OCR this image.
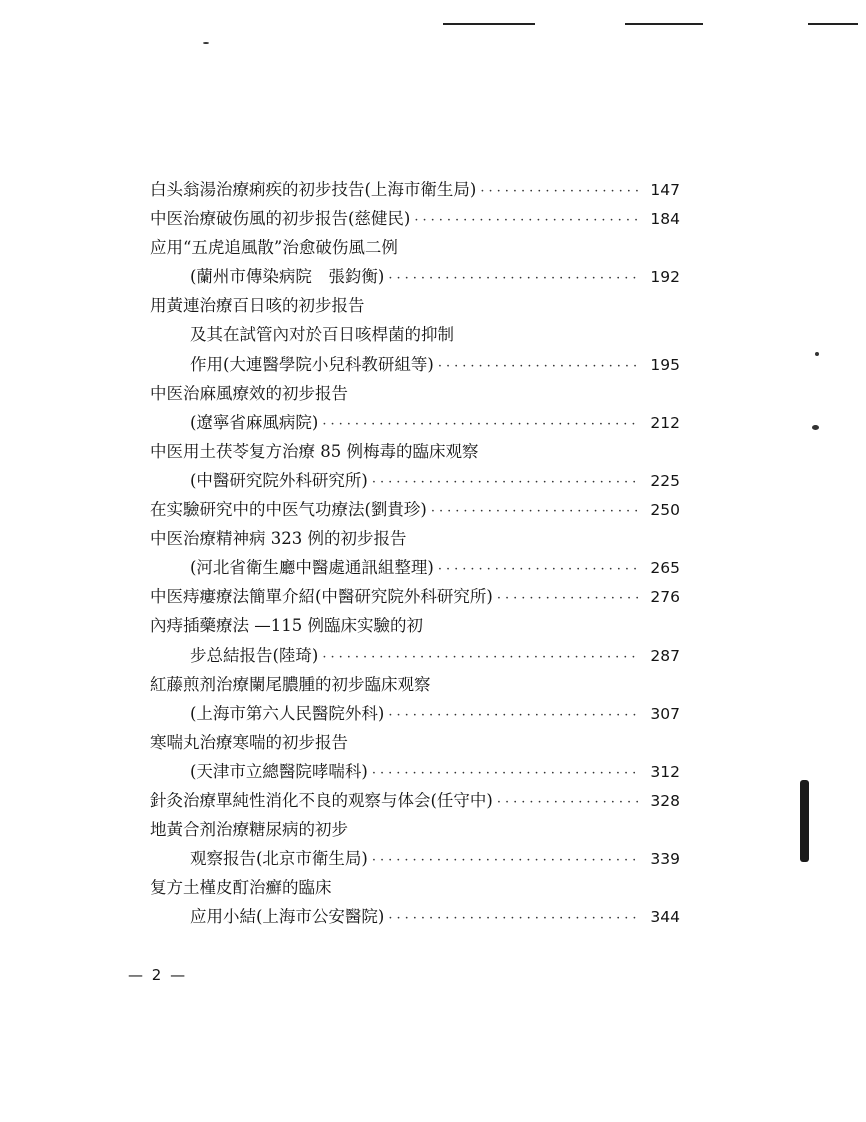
白头翁湯治療痢疾的初步技告(上海市衛生局) ·····	147
中医治療破伤風的初步报告(慈健民) ·····	184
应用“五虎追風散”治愈破伤風二例
(蘭州市傳染病院　張鈞衡) ·····	192
用黃連治療百日咳的初步报告
及其在試管內对於百日咳桿菌的抑制
作用(大連醫學院小兒科教研組等) ·····	195
中医治麻風療效的初步报告
(遼寧省麻風病院) ·····	212
中医用土茯苓复方治療 85 例梅毒的臨床观察
(中醫研究院外科研究所) ·····	225
在实驗研究中的中医气功療法(劉貴珍) ·····	250
中医治療精神病 323 例的初步报告
(河北省衛生廳中醫處通訊組整理) ·····	265
中医痔瘻療法簡單介紹(中醫研究院外科研究所) ·····	276
內痔插藥療法 —115 例臨床实驗的初
步总結报告(陸琦) ·····	287
紅藤煎剂治療闌尾膿腫的初步臨床观察
(上海市第六人民醫院外科) ·····	307
寒喘丸治療寒喘的初步报告
(天津市立總醫院哮喘科) ·····	312
針灸治療單純性消化不良的观察与体会(任守中) ·····	328
地黃合剂治療糖尿病的初步
观察报告(北京市衛生局) ·····	339
复方土槿皮酊治癬的臨床
应用小結(上海市公安醫院) ·····	344
— 2 —
